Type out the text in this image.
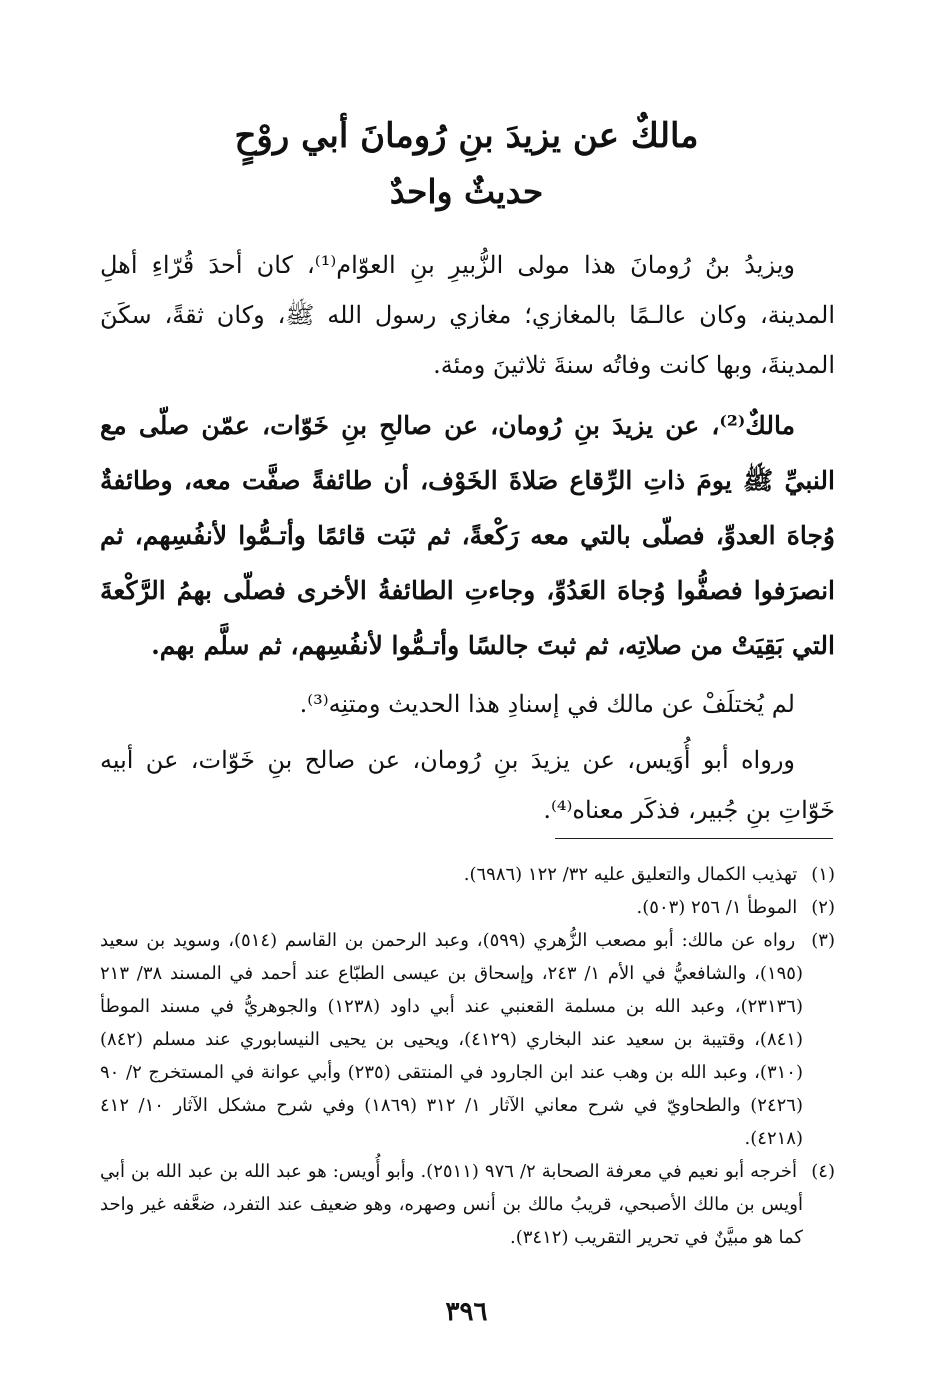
مالكٌ عن يزيدَ بنِ رُومانَ أبي روْحٍ
حديثٌ واحدٌ

ويزيدُ بنُ رُومانَ هذا مولى الزُّبيرِ بنِ العوّام⁽¹⁾، كان أحدَ قُرّاءِ أهلِ المدينة، وكان عالـمًا بالمغازي؛ مغازي رسول الله ﷺ، وكان ثقةً، سكَنَ المدينةَ، وبها كانت وفاتُه سنةَ ثلاثينَ ومئة.

مالكٌ⁽²⁾، عن يزيدَ بنِ رُومان، عن صالحِ بنِ خَوّات، عمّن صلّى مع النبيِّ ﷺ يومَ ذاتِ الرِّقاع صَلاةَ الخَوْف، أن طائفةً صفَّت معه، وطائفةٌ وُجاهَ العدوِّ، فصلّى بالتي معه رَكْعةً، ثم ثبَت قائمًا وأتـمُّوا لأنفُسِهم، ثم انصرَفوا فصفُّوا وُجاهَ العَدُوِّ، وجاءتِ الطائفةُ الأخرى فصلّى بهمُ الرَّكْعةَ التي بَقِيَتْ من صلاتِه، ثم ثبتَ جالسًا وأتـمُّوا لأنفُسِهم، ثم سلَّم بهم.

لم يُختلَفْ عن مالك في إسنادِ هذا الحديث ومتنِه⁽³⁾.

ورواه أبو أُوَيس، عن يزيدَ بنِ رُومان، عن صالح بنِ خَوّات، عن أبيه خَوّاتِ بنِ جُبير، فذكَر معناه⁽⁴⁾.

(١) تهذيب الكمال والتعليق عليه ٣٢/ ١٢٢ (٦٩٨٦).

(٢) الموطأ ١/ ٢٥٦ (٥٠٣).

(٣) رواه عن مالك: أبو مصعب الزُّهري (٥٩٩)، وعبد الرحمن بن القاسم (٥١٤)، وسويد بن سعيد (١٩٥)، والشافعيُّ في الأم ١/ ٢٤٣، وإسحاق بن عيسى الطبّاع عند أحمد في المسند ٣٨/ ٢١٣ (٢٣١٣٦)، وعبد الله بن مسلمة القعنبي عند أبي داود (١٢٣٨) والجوهريُّ في مسند الموطأ (٨٤١)، وقتيبة بن سعيد عند البخاري (٤١٢٩)، ويحيى بن يحيى النيسابوري عند مسلم (٨٤٢) (٣١٠)، وعبد الله بن وهب عند ابن الجارود في المنتقى (٢٣٥) وأبي عوانة في المستخرج ٢/ ٩٠ (٢٤٢٦) والطحاويّ في شرح معاني الآثار ١/ ٣١٢ (١٨٦٩) وفي شرح مشكل الآثار ١٠/ ٤١٢ (٤٢١٨).

(٤) أخرجه أبو نعيم في معرفة الصحابة ٢/ ٩٧٦ (٢٥١١). وأبو أُويس: هو عبد الله بن عبد الله بن أبي أويس بن مالك الأصبحي، قريبُ مالك بن أنس وصهره، وهو ضعيف عند التفرد، ضعَّفه غير واحد كما هو مبيَّنٌ في تحرير التقريب (٣٤١٢).

٣٩٦
